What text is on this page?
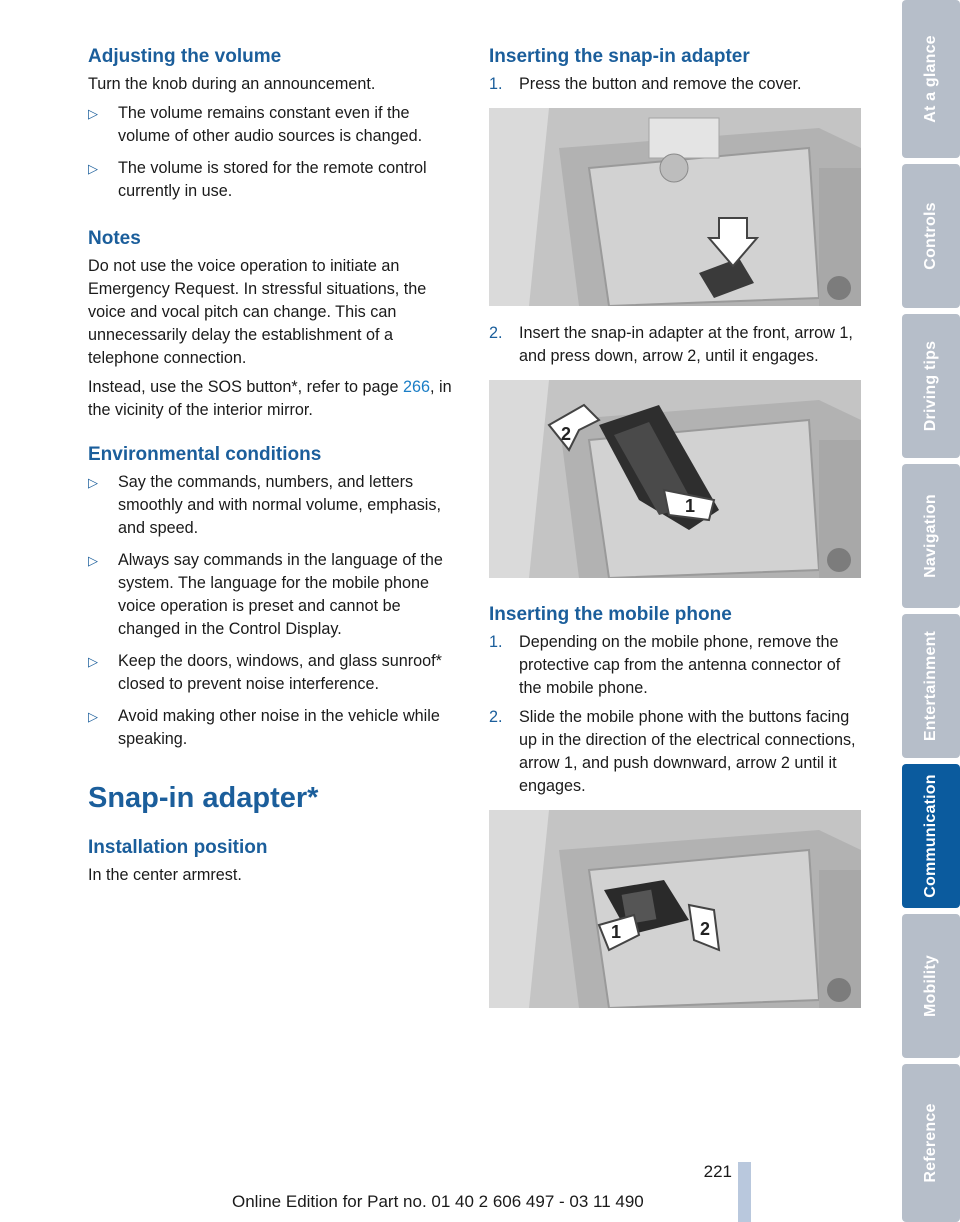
Adjusting the volume

Turn the knob during an announcement.

▷ The volume remains constant even if the volume of other audio sources is changed.
▷ The volume is stored for the remote control currently in use.
Notes

Do not use the voice operation to initiate an Emergency Request. In stressful situations, the voice and vocal pitch can change. This can unnecessarily delay the establishment of a telephone connection.

Instead, use the SOS button*, refer to page 266, in the vicinity of the interior mirror.

Environmental conditions
▷ Say the commands, numbers, and letters smoothly and with normal volume, emphasis, and speed.
▷ Always say commands in the language of the system. The language for the mobile phone voice operation is preset and cannot be changed in the Control Display.
▷ Keep the doors, windows, and glass sunroof* closed to prevent noise interference.
▷ Avoid making other noise in the vehicle while speaking.
Snap-in adapter*
Installation position

In the center armrest.

Inserting the snap-in adapter
1. Press the button and remove the cover.
2. Insert the snap-in adapter at the front, arrow 1, and press down, arrow 2, until it engages.
2
1
Inserting the mobile phone
1. Depending on the mobile phone, remove the protective cap from the antenna connector of the mobile phone.
2. Slide the mobile phone with the buttons facing up in the direction of the electrical connections, arrow 1, and push downward, arrow 2 until it engages.
1	2
At a glance
Controls
Driving tips
Navigation
Entertainment
Communication
Mobility
Reference
221
Online Edition for Part no. 01 40 2 606 497 - 03 11 490
